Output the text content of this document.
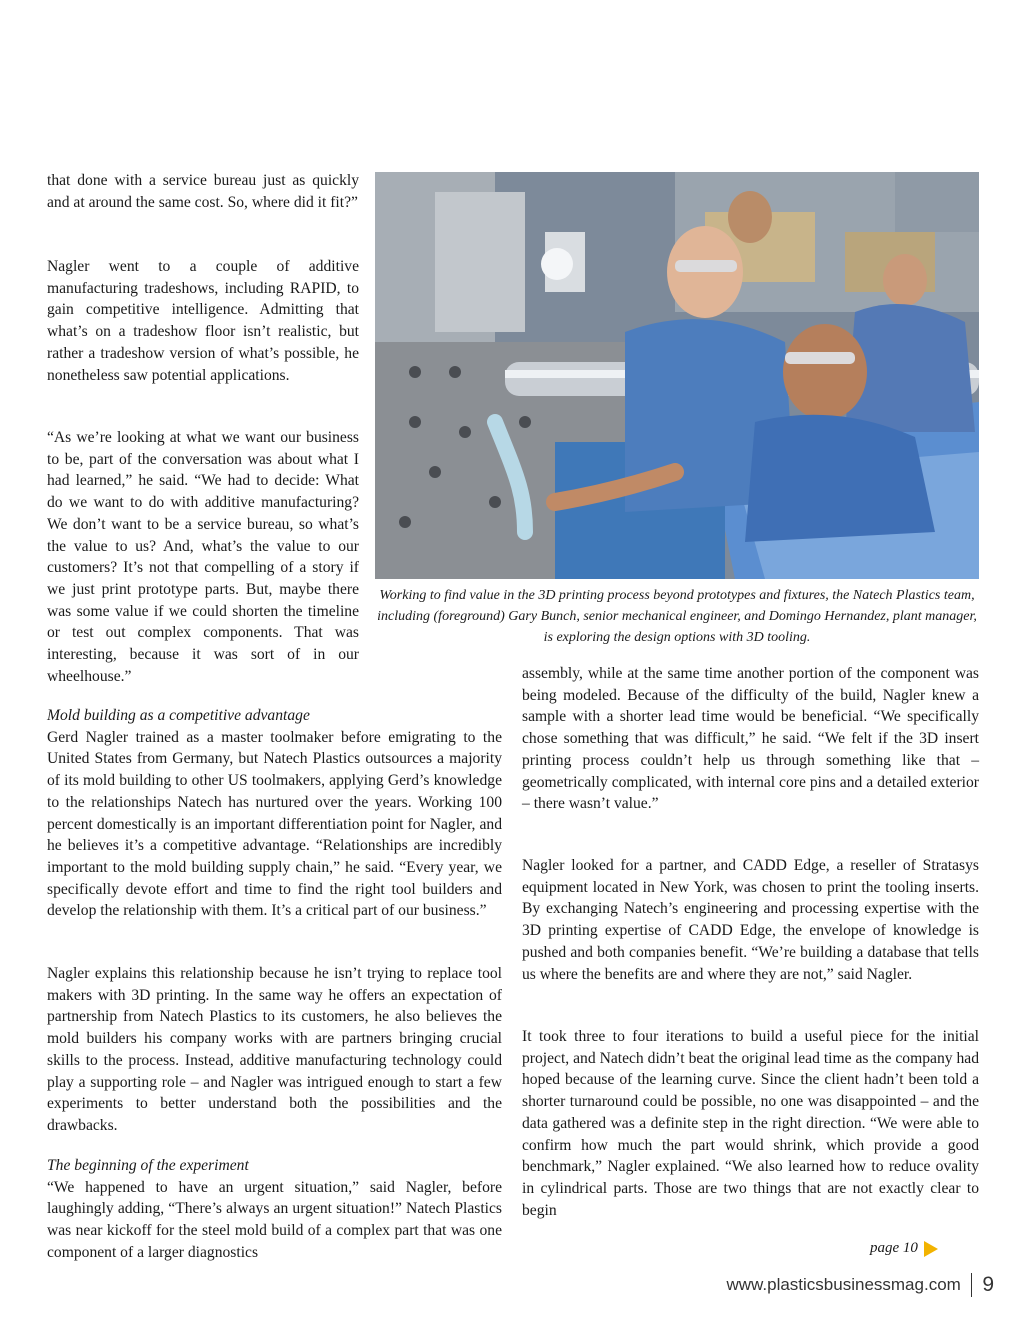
that done with a service bureau just as quickly and at around the same cost. So, where did it fit?”

Nagler went to a couple of additive manufacturing tradeshows, including RAPID, to gain competitive intelligence. Admitting that what’s on a tradeshow floor isn’t realistic, but rather a tradeshow version of what’s possible, he nonetheless saw potential applications.

“As we’re looking at what we want our business to be, part of the conversation was about what I had learned,” he said. “We had to decide: What do we want to do with additive manufacturing? We don’t want to be a service bureau, so what’s the value to us? And, what’s the value to our customers? It’s not that compelling of a story if we just print prototype parts. But, maybe there was some value if we could shorten the timeline or test out complex components. That was interesting, because it was sort of in our wheelhouse.”

Working to find value in the 3D printing process beyond prototypes and fixtures, the Natech Plastics team, including (foreground) Gary Bunch, senior mechanical engineer, and Domingo Hernandez, plant manager, is exploring the design options with 3D tooling.

Mold building as a competitive advantage
Gerd Nagler trained as a master toolmaker before emigrating to the United States from Germany, but Natech Plastics outsources a majority of its mold building to other US toolmakers, applying Gerd’s knowledge to the relationships Natech has nurtured over the years. Working 100 percent domestically is an important differentiation point for Nagler, and he believes it’s a competitive advantage. “Relationships are incredibly important to the mold building supply chain,” he said. “Every year, we specifically devote effort and time to find the right tool builders and develop the relationship with them. It’s a critical part of our business.”

Nagler explains this relationship because he isn’t trying to replace tool makers with 3D printing. In the same way he offers an expectation of partnership from Natech Plastics to its customers, he also believes the mold builders his company works with are partners bringing crucial skills to the process. Instead, additive manufacturing technology could play a supporting role – and Nagler was intrigued enough to start a few experiments to better understand both the possibilities and the drawbacks.

The beginning of the experiment
“We happened to have an urgent situation,” said Nagler, before laughingly adding, “There’s always an urgent situation!” Natech Plastics was near kickoff for the steel mold build of a complex part that was one component of a larger diagnostics

assembly, while at the same time another portion of the component was being modeled. Because of the difficulty of the build, Nagler knew a sample with a shorter lead time would be beneficial. “We specifically chose something that was difficult,” he said. “We felt if the 3D insert printing process couldn’t help us through something like that – geometrically complicated, with internal core pins and a detailed exterior – there wasn’t value.”

Nagler looked for a partner, and CADD Edge, a reseller of Stratasys equipment located in New York, was chosen to print the tooling inserts. By exchanging Natech’s engineering and processing expertise with the 3D printing expertise of CADD Edge, the envelope of knowledge is pushed and both companies benefit. “We’re building a database that tells us where the benefits are and where they are not,” said Nagler.

It took three to four iterations to build a useful piece for the initial project, and Natech didn’t beat the original lead time as the company had hoped because of the learning curve. Since the client hadn’t been told a shorter turnaround could be possible, no one was disappointed – and the data gathered was a definite step in the right direction. “We were able to confirm how much the part would shrink, which provide a good benchmark,” Nagler explained. “We also learned how to reduce ovality in cylindrical parts. Those are two things that are not exactly clear to begin

page 10
www.plasticsbusinessmag.com 9
